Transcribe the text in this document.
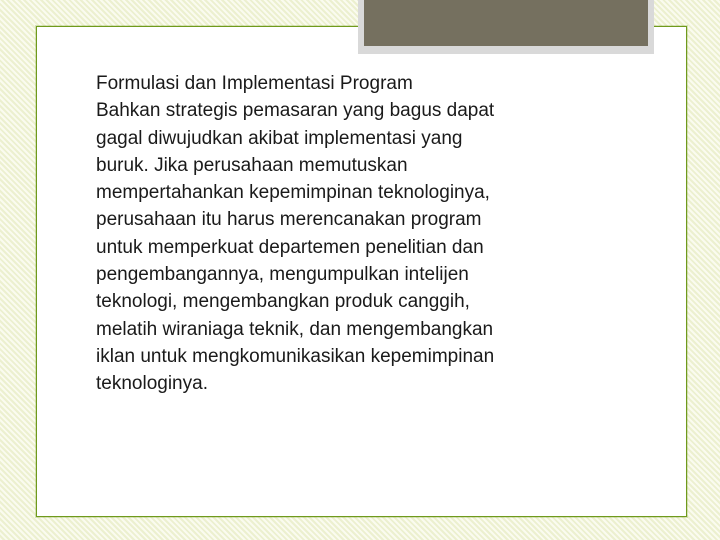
Formulasi dan Implementasi Program

Bahkan strategis pemasaran yang bagus dapat
gagal diwujudkan akibat implementasi yang
buruk. Jika perusahaan memutuskan
mempertahankan kepemimpinan teknologinya,
perusahaan itu harus merencanakan program
untuk memperkuat departemen penelitian dan
pengembangannya, mengumpulkan intelijen
teknologi, mengembangkan produk canggih,
melatih wiraniaga teknik, dan mengembangkan
iklan untuk mengkomunikasikan kepemimpinan
teknologinya.
